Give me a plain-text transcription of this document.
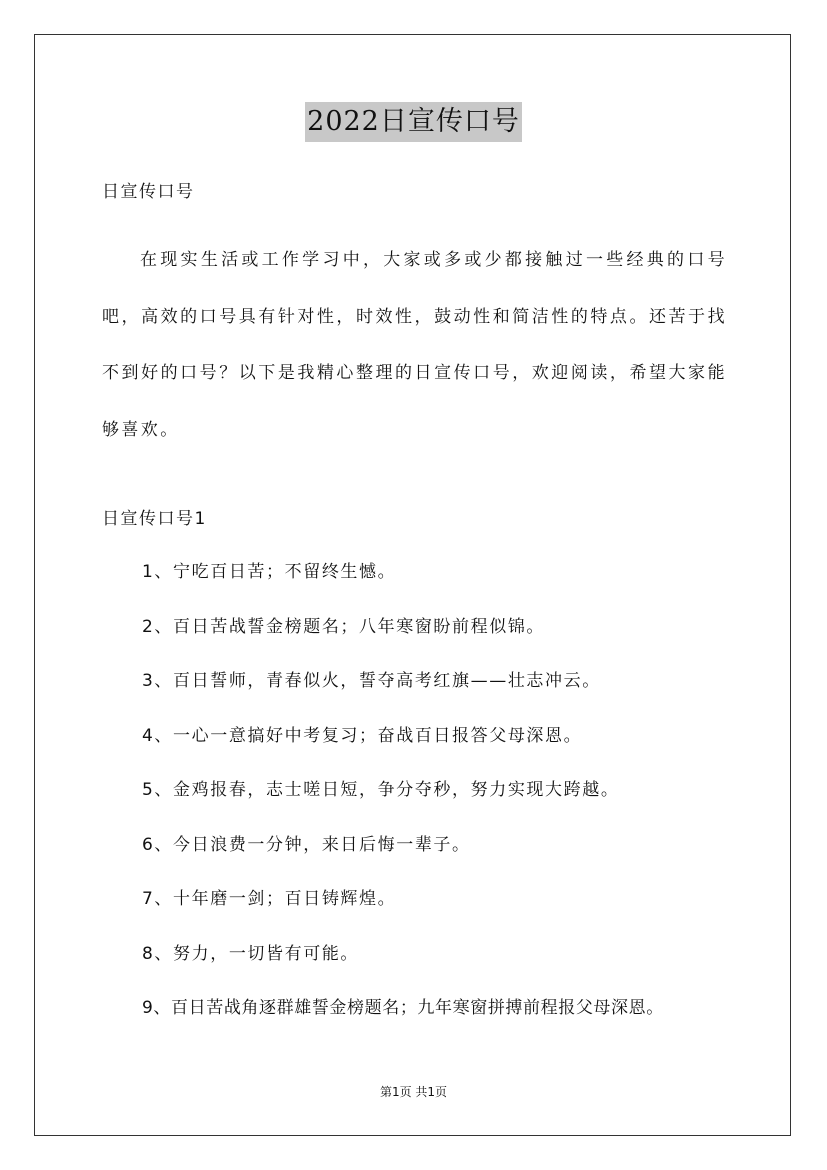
2022日宣传口号
日宣传口号

在现实生活或工作学习中，大家或多或少都接触过一些经典的口号吧，高效的口号具有针对性，时效性，鼓动性和简洁性的特点。还苦于找不到好的口号？以下是我精心整理的日宣传口号，欢迎阅读，希望大家能够喜欢。

日宣传口号1
1、宁吃百日苦；不留终生憾。
2、百日苦战誓金榜题名；八年寒窗盼前程似锦。
3、百日誓师，青春似火，誓夺高考红旗——壮志冲云。
4、一心一意搞好中考复习；奋战百日报答父母深恩。
5、金鸡报春，志士嗟日短，争分夺秒，努力实现大跨越。
6、今日浪费一分钟，来日后悔一辈子。
7、十年磨一剑；百日铸辉煌。
8、努力，一切皆有可能。
9、百日苦战角逐群雄誓金榜题名；九年寒窗拼搏前程报父母深恩。
第1页 共1页
